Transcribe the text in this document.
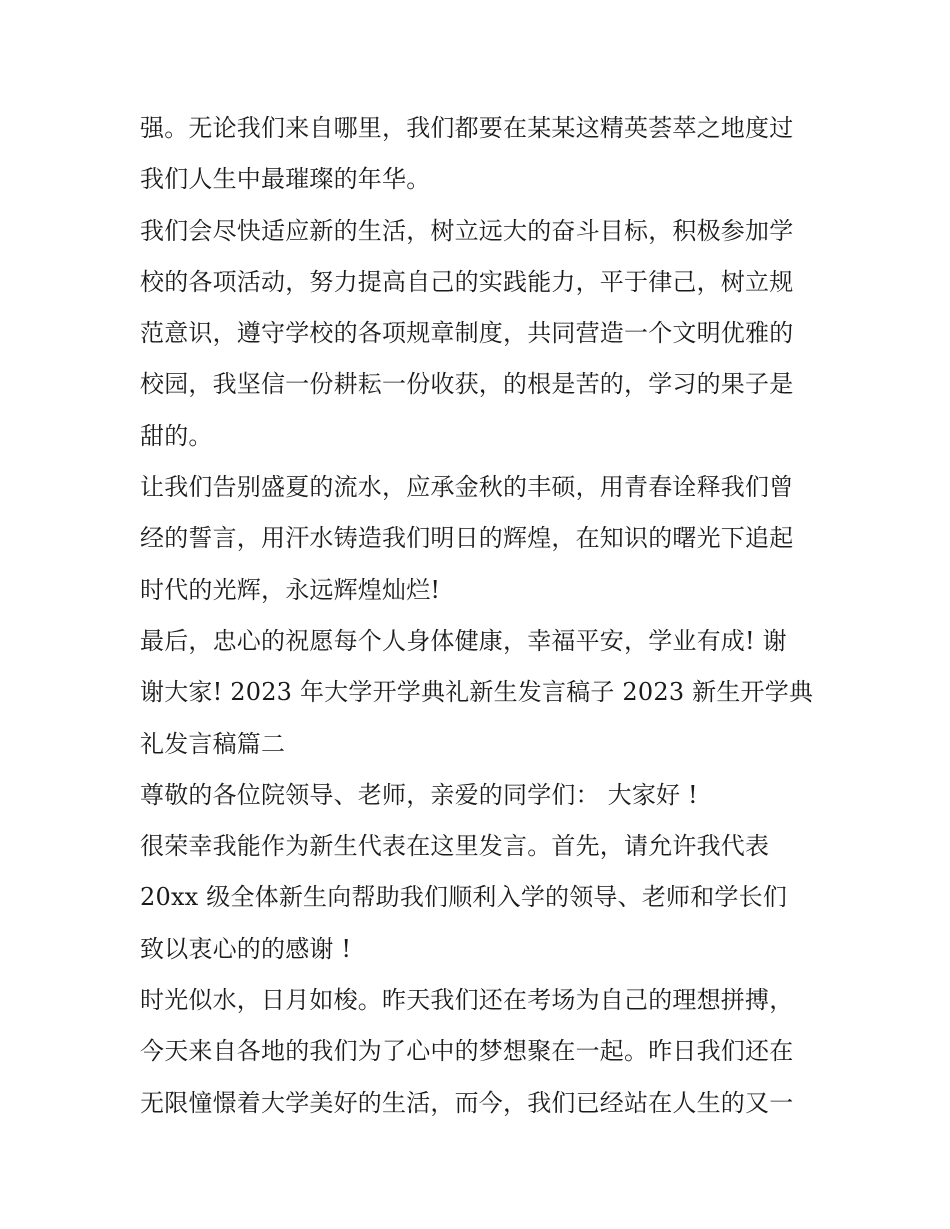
强。无论我们来自哪里，我们都要在某某这精英荟萃之地度过
我们人生中最璀璨的年华。
我们会尽快适应新的生活，树立远大的奋斗目标，积极参加学
校的各项活动，努力提高自己的实践能力，平于律己，树立规
范意识，遵守学校的各项规章制度，共同营造一个文明优雅的
校园，我坚信一份耕耘一份收获，的根是苦的，学习的果子是
甜的。
让我们告别盛夏的流水，应承金秋的丰硕，用青春诠释我们曾
经的誓言，用汗水铸造我们明日的辉煌，在知识的曙光下追起
时代的光辉，永远辉煌灿烂!
最后，忠心的祝愿每个人身体健康，幸福平安，学业有成! 谢
谢大家! 2023 年大学开学典礼新生发言稿子 2023 新生开学典
礼发言稿篇二
尊敬的各位院领导、老师，亲爱的同学们： 大家好 !
很荣幸我能作为新生代表在这里发言。首先，请允许我代表
20xx 级全体新生向帮助我们顺利入学的领导、老师和学长们
致以衷心的的感谢 !
时光似水，日月如梭。昨天我们还在考场为自己的理想拼搏，
今天来自各地的我们为了心中的梦想聚在一起。昨日我们还在
无限憧憬着大学美好的生活，而今，我们已经站在人生的又一
